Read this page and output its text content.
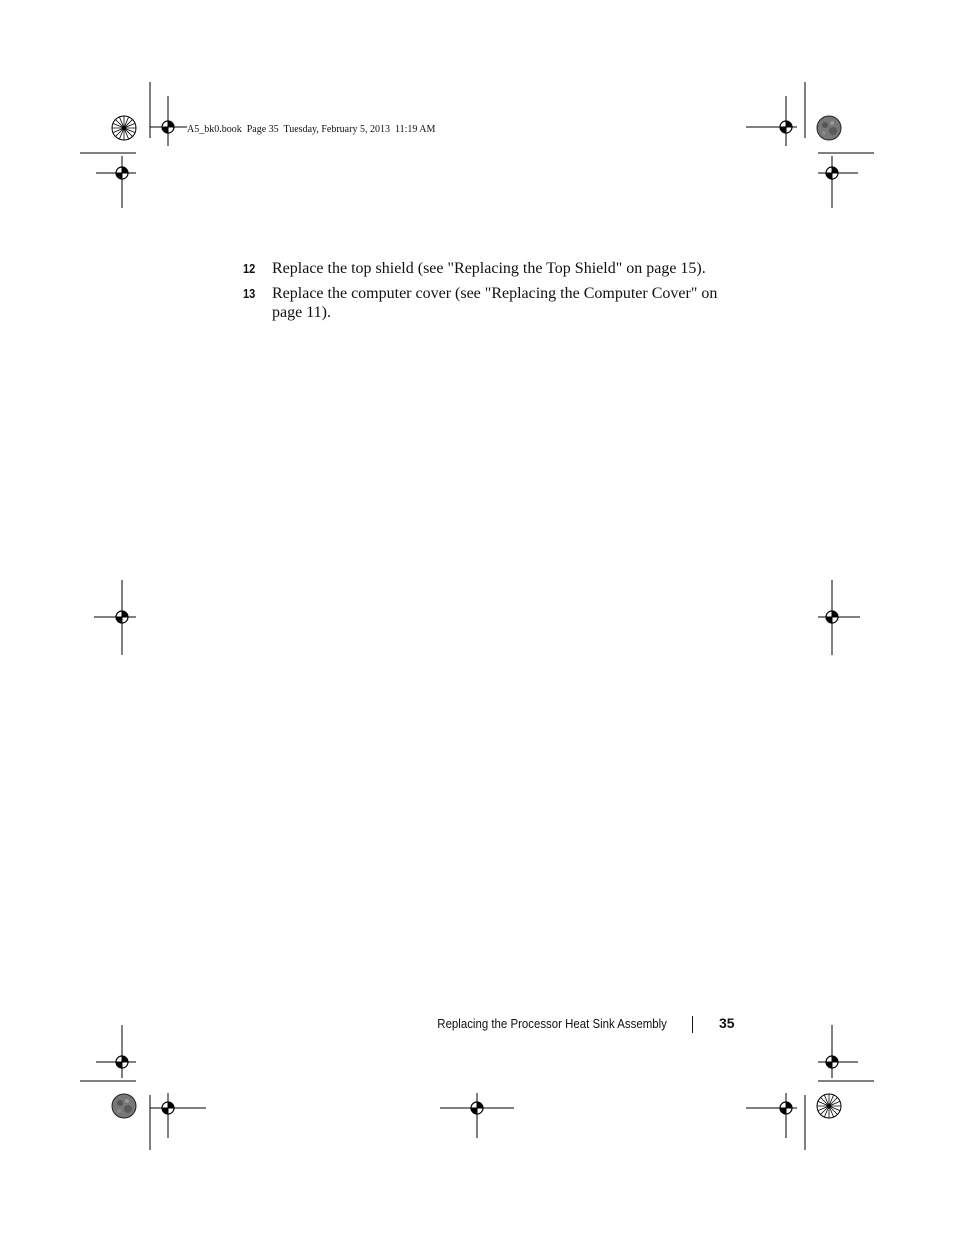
A5_bk0.book  Page 35  Tuesday, February 5, 2013  11:19 AM
12 Replace the top shield (see "Replacing the Top Shield" on page 15).
13 Replace the computer cover (see "Replacing the Computer Cover" on page 11).
Replacing the Processor Heat Sink Assembly	35
